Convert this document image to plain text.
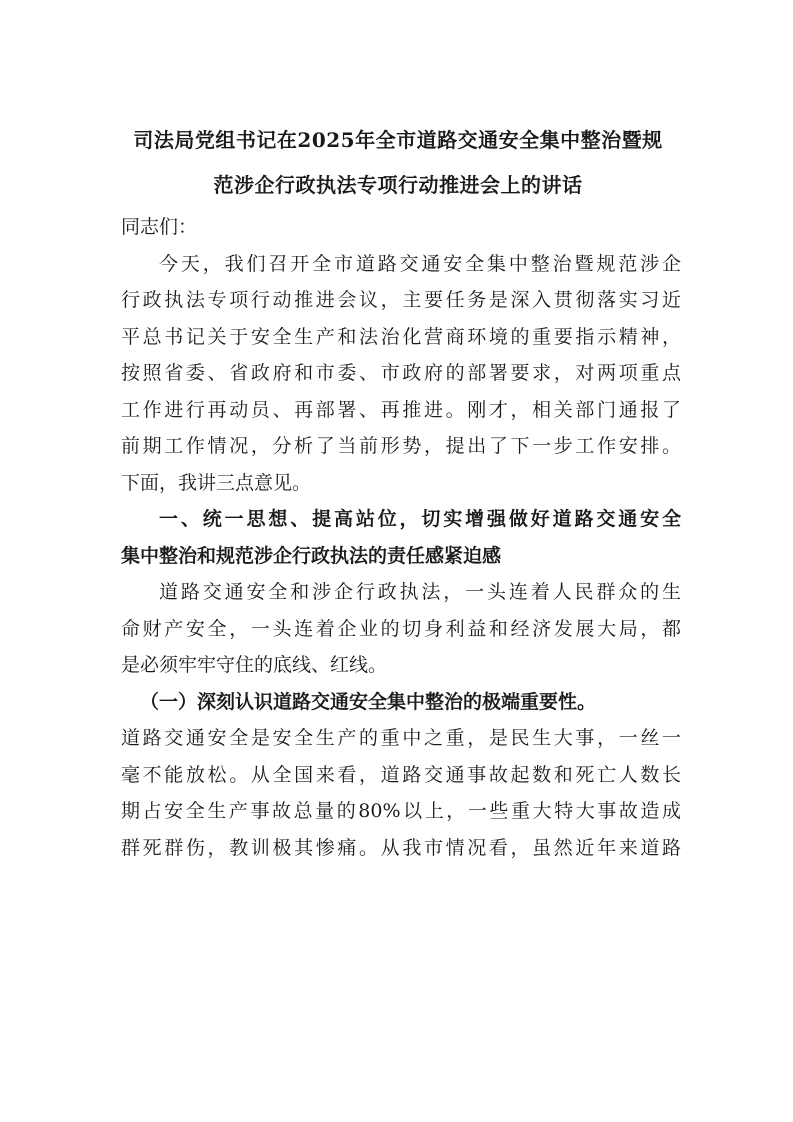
司法局党组书记在2025年全市道路交通安全集中整治暨规
范涉企行政执法专项行动推进会上的讲话
同志们：
今天，我们召开全市道路交通安全集中整治暨规范涉企
行政执法专项行动推进会议，主要任务是深入贯彻落实习近
平总书记关于安全生产和法治化营商环境的重要指示精神，
按照省委、省政府和市委、市政府的部署要求，对两项重点
工作进行再动员、再部署、再推进。刚才，相关部门通报了
前期工作情况，分析了当前形势，提出了下一步工作安排。
下面，我讲三点意见。
一、统一思想、提高站位，切实增强做好道路交通安全
集中整治和规范涉企行政执法的责任感紧迫感
道路交通安全和涉企行政执法，一头连着人民群众的生
命财产安全，一头连着企业的切身利益和经济发展大局，都
是必须牢牢守住的底线、红线。
（一）深刻认识道路交通安全集中整治的极端重要性。
道路交通安全是安全生产的重中之重，是民生大事，一丝一
毫不能放松。从全国来看，道路交通事故起数和死亡人数长
期占安全生产事故总量的80%以上，一些重大特大事故造成
群死群伤，教训极其惨痛。从我市情况看，虽然近年来道路
